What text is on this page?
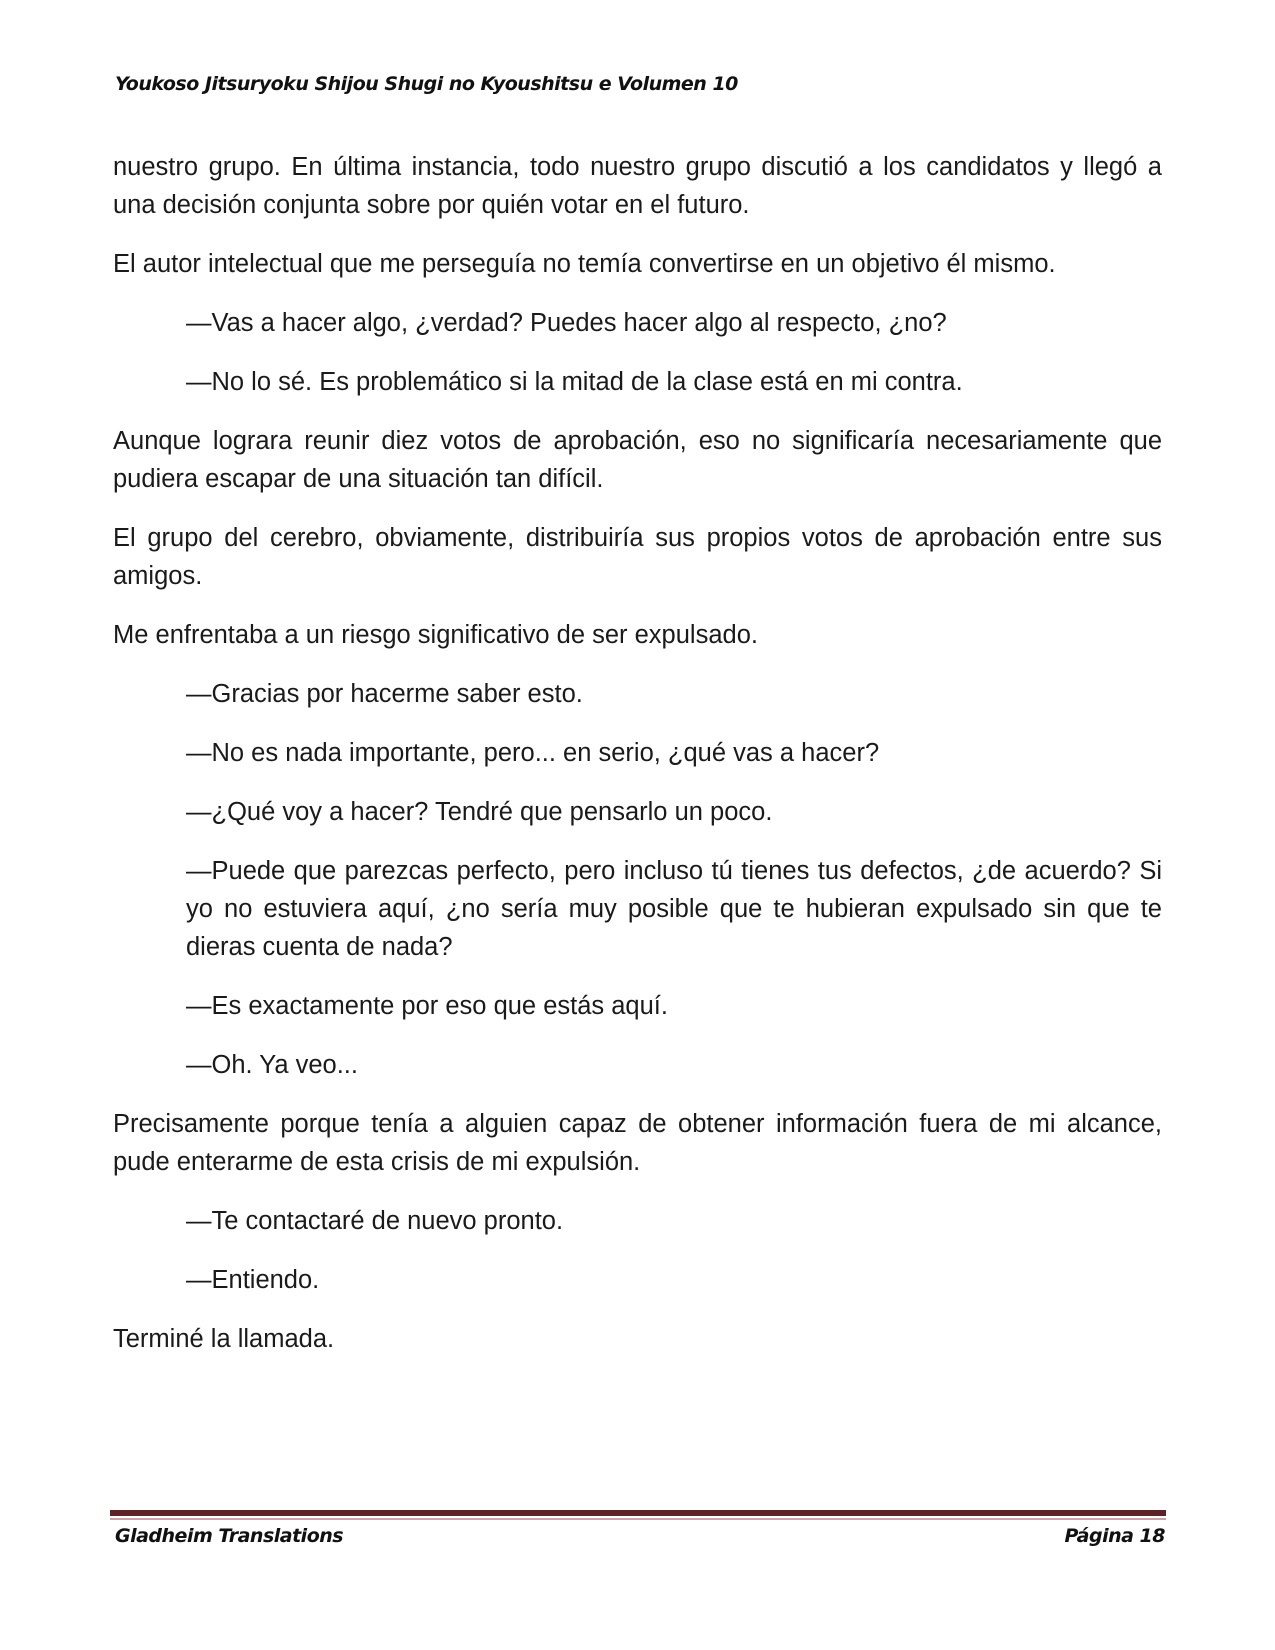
Youkoso Jitsuryoku Shijou Shugi no Kyoushitsu e Volumen 10

nuestro grupo. En última instancia, todo nuestro grupo discutió a los candidatos y llegó a una decisión conjunta sobre por quién votar en el futuro.

El autor intelectual que me perseguía no temía convertirse en un objetivo él mismo.

—Vas a hacer algo, ¿verdad? Puedes hacer algo al respecto, ¿no?

—No lo sé. Es problemático si la mitad de la clase está en mi contra.

Aunque lograra reunir diez votos de aprobación, eso no significaría necesariamente que pudiera escapar de una situación tan difícil.

El grupo del cerebro, obviamente, distribuiría sus propios votos de aprobación entre sus amigos.

Me enfrentaba a un riesgo significativo de ser expulsado.

—Gracias por hacerme saber esto.

—No es nada importante, pero... en serio, ¿qué vas a hacer?

—¿Qué voy a hacer? Tendré que pensarlo un poco.

—Puede que parezcas perfecto, pero incluso tú tienes tus defectos, ¿de acuerdo? Si yo no estuviera aquí, ¿no sería muy posible que te hubieran expulsado sin que te dieras cuenta de nada?

—Es exactamente por eso que estás aquí.

—Oh. Ya veo...

Precisamente porque tenía a alguien capaz de obtener información fuera de mi alcance, pude enterarme de esta crisis de mi expulsión.

—Te contactaré de nuevo pronto.

—Entiendo.

Terminé la llamada.

Gladheim Translations	Página 18
